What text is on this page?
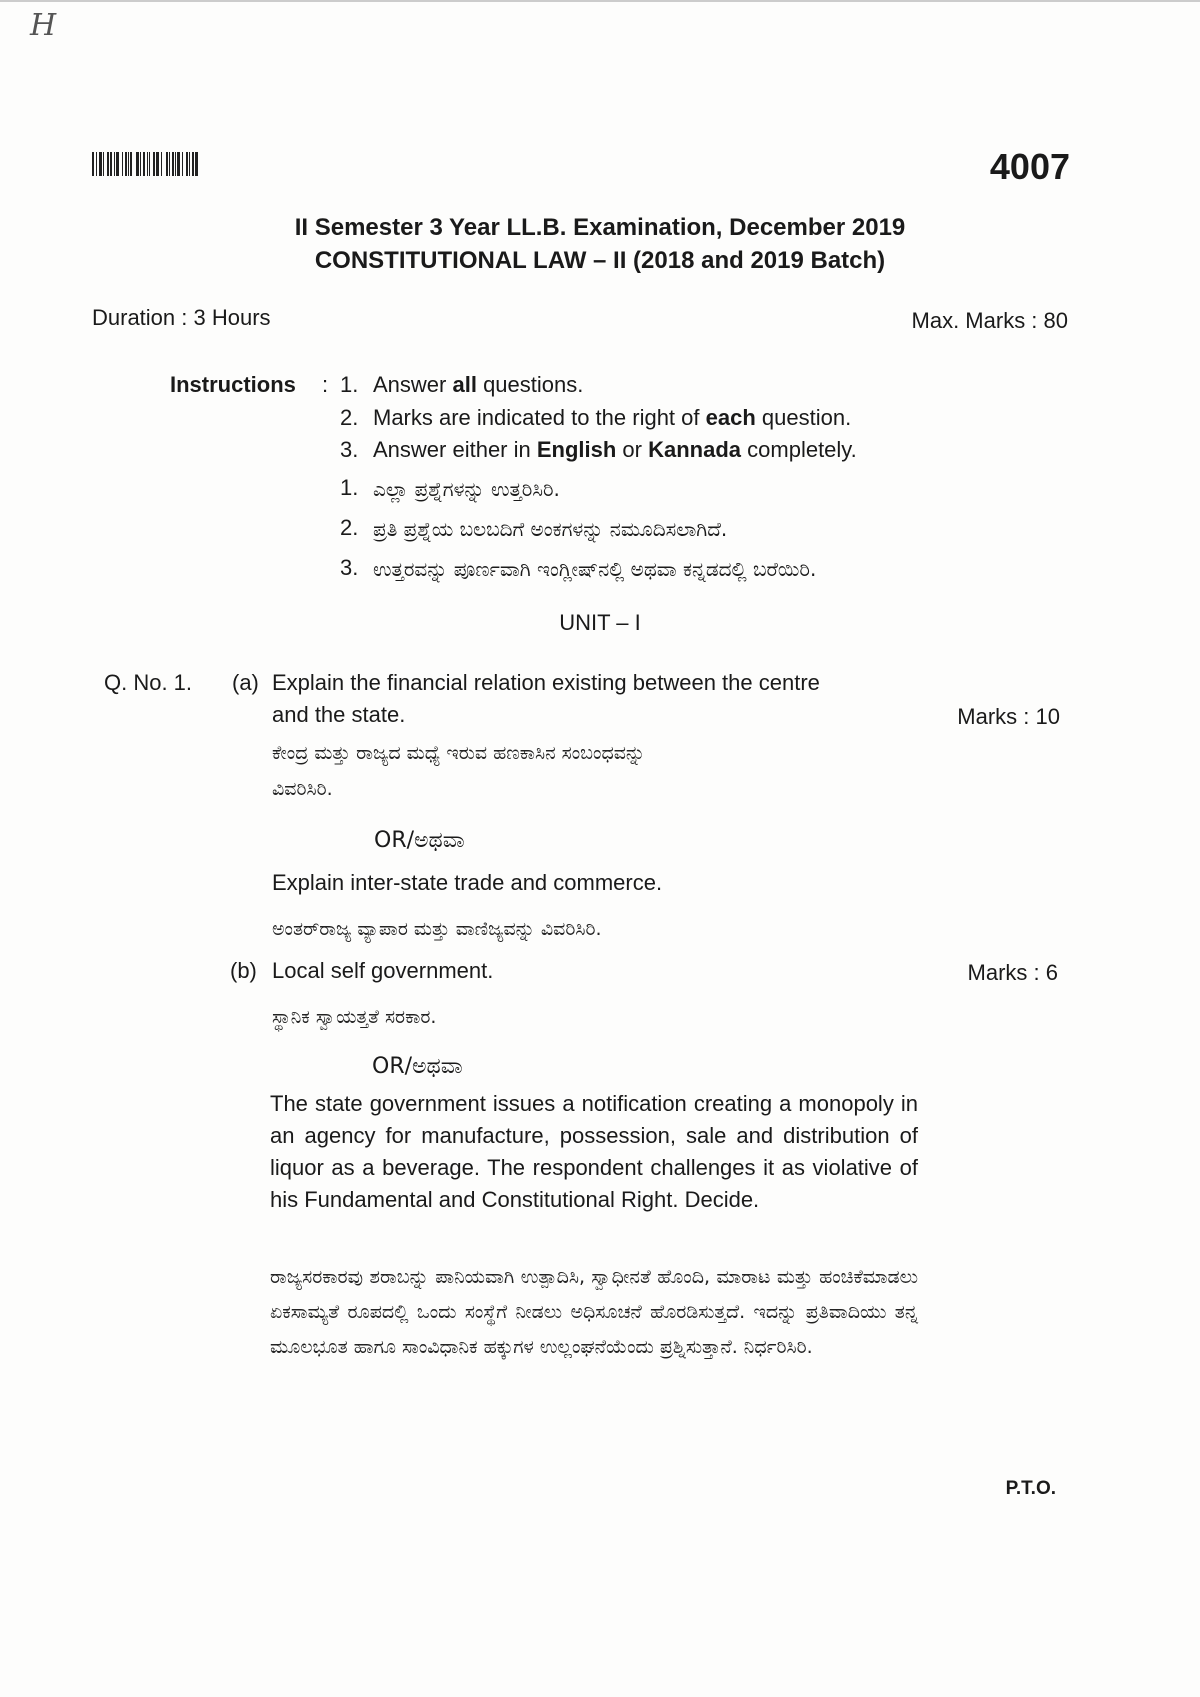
H
4007
II Semester 3 Year LL.B. Examination, December 2019
CONSTITUTIONAL LAW – II (2018 and 2019 Batch)
Duration : 3 Hours	Max. Marks : 80
Instructions : 1. Answer all questions.
2. Marks are indicated to the right of each question.
3. Answer either in English or Kannada completely.
1. ಎಲ್ಲಾ ಪ್ರಶ್ನೆಗಳನ್ನು ಉತ್ತರಿಸಿರಿ.
2. ಪ್ರತಿ ಪ್ರಶ್ನೆಯ ಬಲಬದಿಗೆ ಅಂಕಗಳನ್ನು ನಮೂದಿಸಲಾಗಿದೆ.
3. ಉತ್ತರವನ್ನು ಪೂರ್ಣವಾಗಿ ಇಂಗ್ಲೀಷ್‌ನಲ್ಲಿ ಅಥವಾ ಕನ್ನಡದಲ್ಲಿ ಬರೆಯಿರಿ.
UNIT – I
Q. No. 1. (a) Explain the financial relation existing between the centre
and the state.	Marks : 10
ಕೇಂದ್ರ ಮತ್ತು ರಾಜ್ಯದ ಮಧ್ಯೆ ಇರುವ ಹಣಕಾಸಿನ ಸಂಬಂಧವನ್ನು
ವಿವರಿಸಿರಿ.
OR/ಅಥವಾ
Explain inter-state trade and commerce.
ಅಂತರ್‌ರಾಜ್ಯ ವ್ಯಾಪಾರ ಮತ್ತು ವಾಣಿಜ್ಯವನ್ನು ವಿವರಿಸಿರಿ.
(b) Local self government.	Marks : 6
ಸ್ಥಾನಿಕ ಸ್ವಾಯತ್ತತೆ ಸರಕಾರ.
OR/ಅಥವಾ
The state government issues a notification creating a monopoly in an agency for manufacture, possession, sale and distribution of liquor as a beverage. The respondent challenges it as violative of his Fundamental and Constitutional Right. Decide.
ರಾಜ್ಯಸರಕಾರವು ಶರಾಬನ್ನು ಪಾನಿಯವಾಗಿ ಉತ್ಪಾದಿಸಿ, ಸ್ವಾಧೀನತೆ ಹೊಂದಿ, ಮಾರಾಟ ಮತ್ತು ಹಂಚಿಕೆಮಾಡಲು ಏಕಸಾಮ್ಯತೆ ರೂಪದಲ್ಲಿ ಒಂದು ಸಂಸ್ಥೆಗೆ ನೀಡಲು ಅಧಿಸೂಚನೆ ಹೊರಡಿಸುತ್ತದೆ. ಇದನ್ನು ಪ್ರತಿವಾದಿಯು ತನ್ನ ಮೂಲಭೂತ ಹಾಗೂ ಸಾಂವಿಧಾನಿಕ ಹಕ್ಕುಗಳ ಉಲ್ಲಂಘನೆಯೆಂದು ಪ್ರಶ್ನಿಸುತ್ತಾನೆ. ನಿರ್ಧರಿಸಿರಿ.
P.T.O.
